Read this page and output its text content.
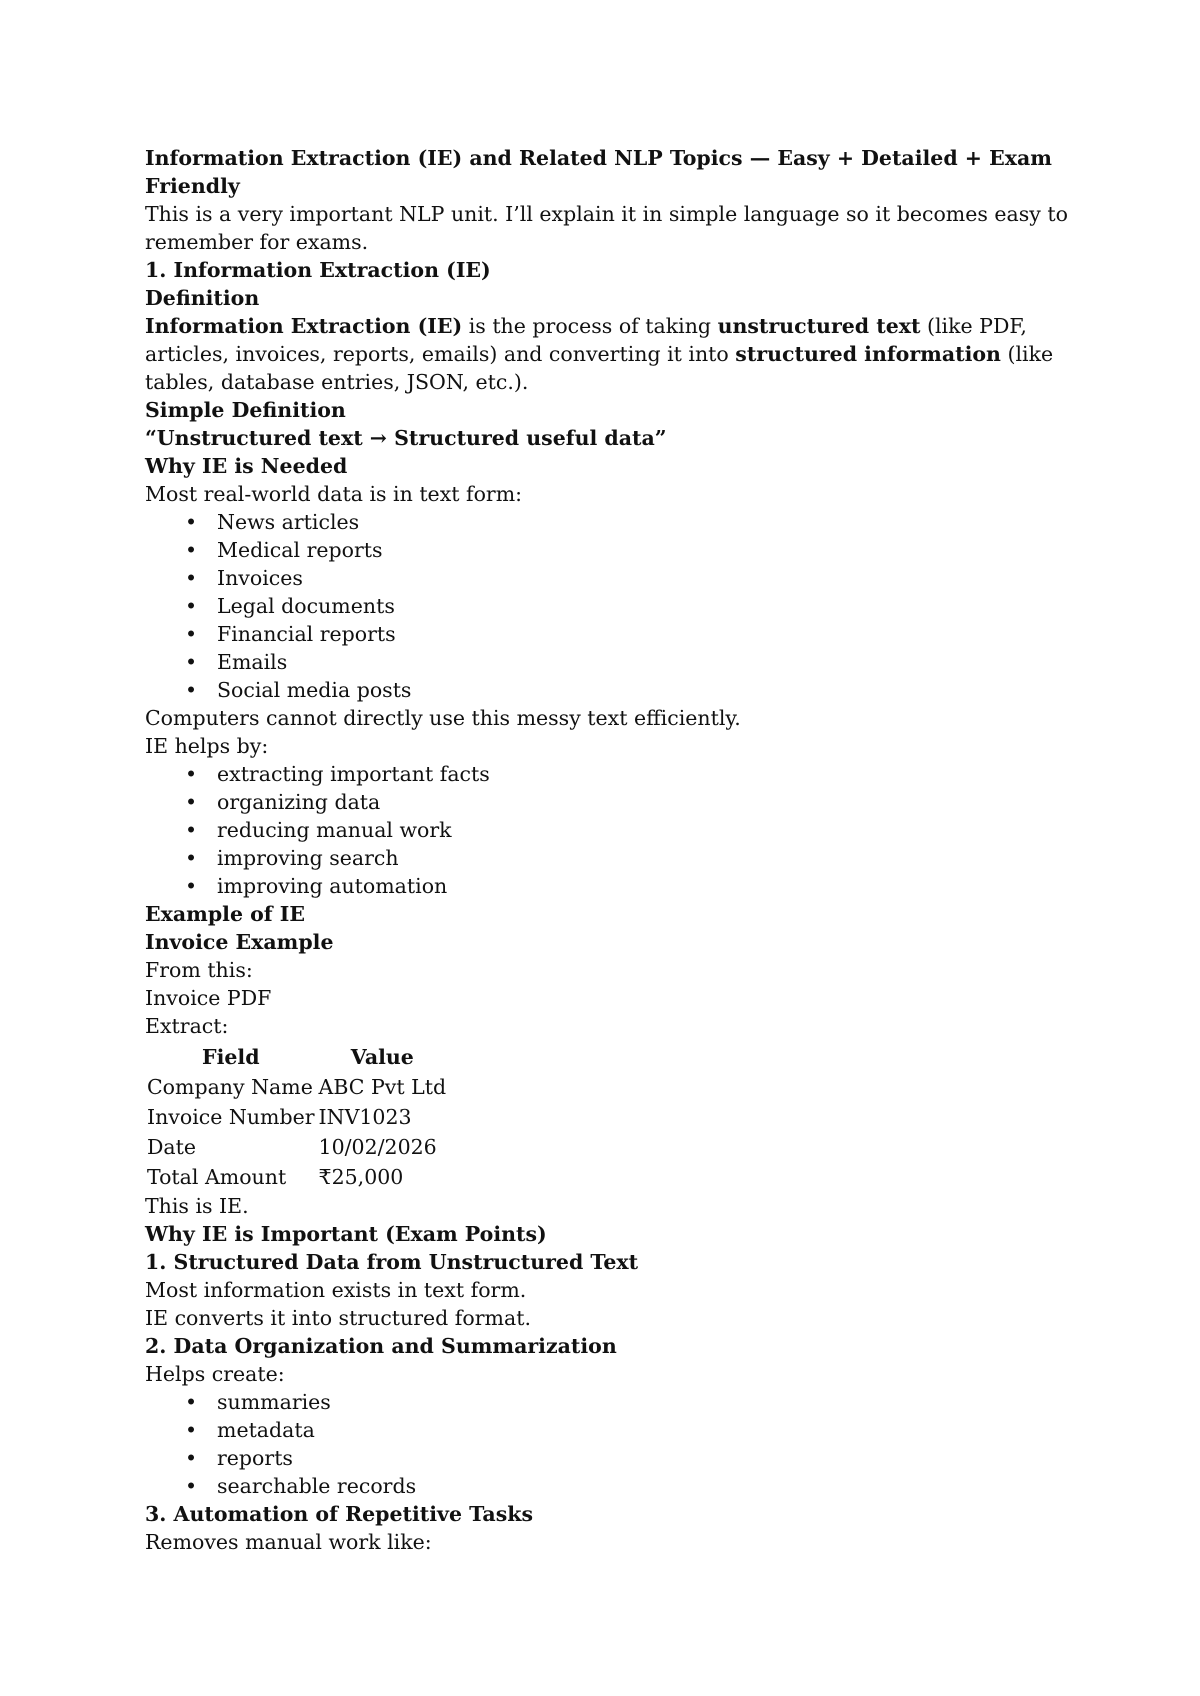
Information Extraction (IE) and Related NLP Topics — Easy + Detailed + Exam Friendly
This is a very important NLP unit. I’ll explain it in simple language so it becomes easy to remember for exams.
1. Information Extraction (IE)
Definition
Information Extraction (IE) is the process of taking unstructured text (like PDF, articles, invoices, reports, emails) and converting it into structured information (like tables, database entries, JSON, etc.).
Simple Definition
“Unstructured text → Structured useful data”
Why IE is Needed
Most real-world data is in text form:
• News articles
• Medical reports
• Invoices
• Legal documents
• Financial reports
• Emails
• Social media posts
Computers cannot directly use this messy text efficiently.
IE helps by:
• extracting important facts
• organizing data
• reducing manual work
• improving search
• improving automation
Example of IE
Invoice Example
From this:
Invoice PDF
Extract:
Field	Value
Company Name	ABC Pvt Ltd
Invoice Number	INV1023
Date	10/02/2026
Total Amount	₹25,000
This is IE.
Why IE is Important (Exam Points)
1. Structured Data from Unstructured Text
Most information exists in text form.
IE converts it into structured format.
2. Data Organization and Summarization
Helps create:
• summaries
• metadata
• reports
• searchable records
3. Automation of Repetitive Tasks
Removes manual work like:
